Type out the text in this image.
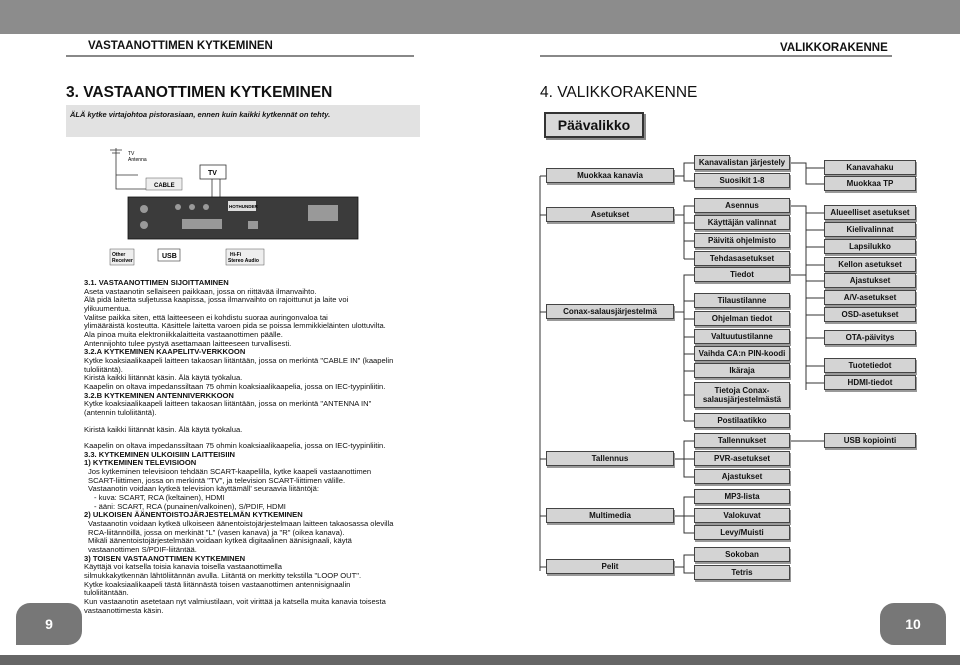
VASTAANOTTIMEN KYTKEMINEN	VALIKKORAKENNE
3. VASTAANOTTIMEN KYTKEMINEN
ÄLÄ kytke virtajohtoa pistorasiaan, ennen kuin kaikki kytkennät on tehty.
TV
Antenna
CABLE
TV
HOTHUNDER
Other
Receiver
USB	Hi-Fi
Stereo Audio
3.1. VASTAANOTTIMEN SIJOITTAMINEN
Aseta vastaanotin sellaiseen paikkaan, jossa on riittävää ilmanvaihto.
Älä pidä laitetta suljetussa kaapissa, jossa ilmanvaihto on rajoittunut ja laite voi
ylikuumentua.
Valitse paikka siten, että laitteeseen ei kohdistu suoraa auringonvaloa tai
ylimääräistä kosteutta. Käsittele laitetta varoen pida se poissa lemmikkieläinten ulottuvilta.
Ala pinoa muita elektroniikkalaitteita vastaanottimen päälle.
Antennijohto tulee pystyä asettamaan laitteeseen turvallisesti.
3.2.A KYTKEMINEN KAAPELITV-VERKKOON
Kytke koaksiaalikaapeli laitteen takaosan liitäntään, jossa on merkintä "CABLE IN" (kaapelin
tuloliitäntä).
Kiristä kaikki liitännät käsin. Älä käytä työkalua.
Kaapelin on oltava impedanssiltaan 75 ohmin koaksiaalikaapelia, jossa on IEC-tyypinliitin.
3.2.B KYTKEMINEN ANTENNIVERKKOON
Kytke koaksiaalikaapeli laitteen takaosan liitäntään, jossa on merkintä "ANTENNA IN"
(antennin tuloliitäntä).
Kiristä kaikki liitännät käsin. Älä käytä työkalua.
Kaapelin on oltava impedanssiltaan 75 ohmin koaksiaalikaapelia, jossa on IEC-tyypinliitin.
3.3. KYTKEMINEN ULKOISIIN LAITTEISIIN
1) KYTKEMINEN TELEVISIOON
Jos kytkeminen televisioon tehdään SCART-kaapelilla, kytke kaapeli vastaanottimen
SCART-liittimen, jossa on merkintä "TV", ja television SCART-liittimen välille.
Vastaanotin voidaan kytkeä television käyttämäll' seuraavia liitäntöjä:
- kuva: SCART, RCA (keltainen), HDMI
- ääni: SCART, RCA (punainen/valkoinen), S/PDIF, HDMI
2) ULKOISEN ÄÄNENTOISTOJÄRJESTELMÄN KYTKEMINEN
Vastaanotin voidaan kytkeä ulkoiseen äänentoistojärjestelmaan laitteen takaosassa olevilla
RCA-liitännöillä, jossa on merkinät "L" (vasen kanava) ja "R" (oikea kanava).
Mikäli äänentoistojärjestelmään voidaan kytkeä digitaalinen äänisignaali, käytä
vastaanottimen S/PDIF-liitäntää.
3) TOISEN VASTAANOTTIMEN KYTKEMINEN
Käyttäjä voi katsella toisia kanavia toisella vastaanottimella
silmukkakytkennän lähtöliitännän avulla. Liitäntä on merkitty tekstilla "LOOP OUT".
Kytke koaksiaalikaapeli tästä liitännästä toisen vastaanottimen antennisignaalin
tuloliitäntään.
Kun vastaanotin asetetaan nyt valmiustilaan, voit virittää ja katsella muita kanavia toisesta
vastaanottimesta käsin.
9	10
4. VALIKKORAKENNE
Päävalikko
Muokkaa kanavia
Asetukset
Conax-salausjärjestelmä
Tallennus
Multimedia
Pelit
Kanavalistan järjestely
Suosikit 1-8
Asennus
Käyttäjän valinnat
Päivitä ohjelmisto
Tehdasasetukset
Tiedot
Tilaustilanne
Ohjelman tiedot
Valtuutustilanne
Vaihda CA:n PIN-koodi
Ikäraja
Tietoja Conax-salausjärjestelmästä
Postilaatikko
Tallennukset
PVR-asetukset
Ajastukset
MP3-lista
Valokuvat
Levy/Muisti
Sokoban
Tetris
Kanavahaku
Muokkaa TP
Alueelliset asetukset
Kielivalinnat
Lapsilukko
Kellon asetukset
Ajastukset
A/V-asetukset
OSD-asetukset
OTA-päivitys
Tuotetiedot
HDMI-tiedot
USB kopiointi
